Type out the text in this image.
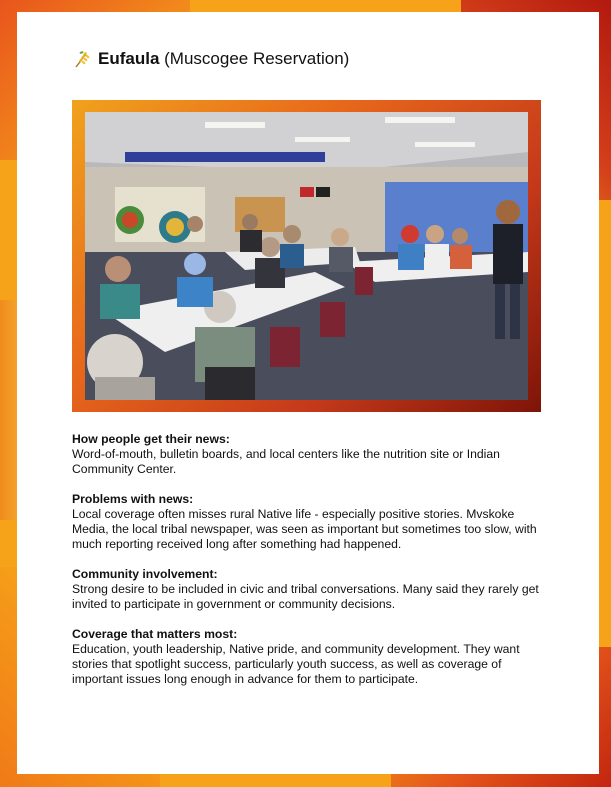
Eufaula (Muscogee Reservation)
How people get their news:

Word-of-mouth, bulletin boards, and local centers like the nutrition site or Indian Community Center.

Problems with news:

Local coverage often misses rural Native life - especially positive stories. Mvskoke Media, the local tribal newspaper, was seen as important but sometimes too slow, with much reporting received long after something had happened.

Community involvement:

Strong desire to be included in civic and tribal conversations. Many said they rarely get invited to participate in government or community decisions.

Coverage that matters most:

Education, youth leadership, Native pride, and community development. They want stories that spotlight success, particularly youth success, as well as coverage of important issues long enough in advance for them to participate.
